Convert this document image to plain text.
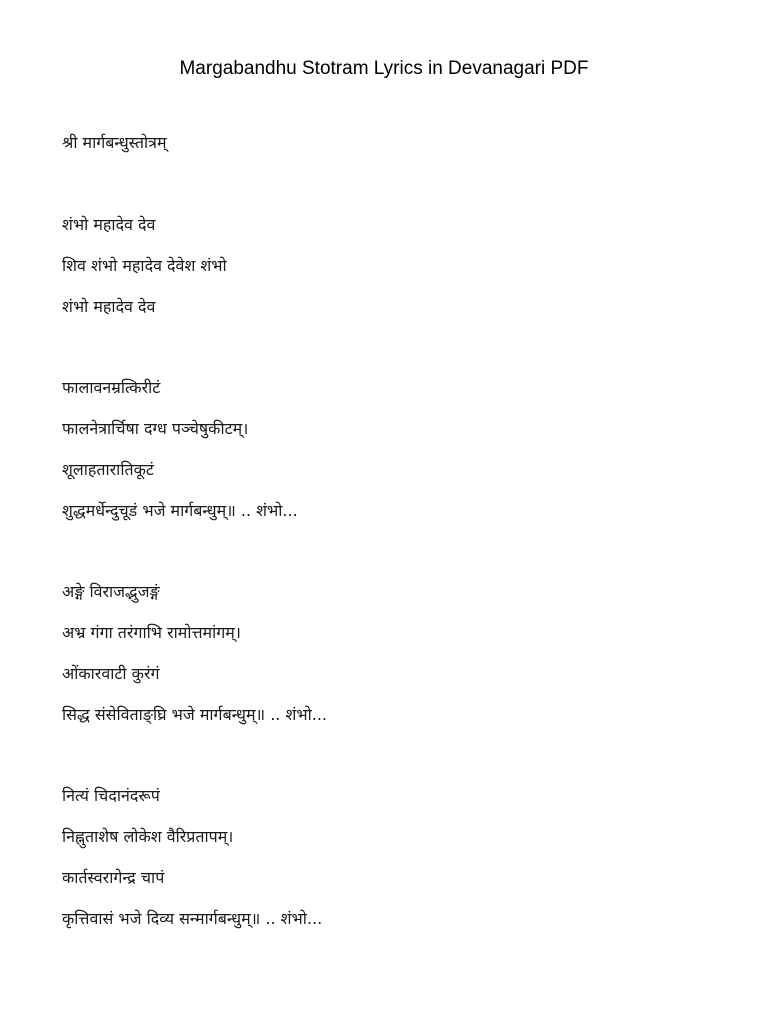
Margabandhu Stotram Lyrics in Devanagari PDF
श्री मार्गबन्धुस्तोत्रम्
शंभो महादेव देव
शिव शंभो महादेव देवेश शंभो
शंभो महादेव देव
फालावनम्रत्किरीटं
फालनेत्रार्चिषा दग्ध पञ्चेषुकीटम्।
शूलाहतारातिकूटं
शुद्धमर्धेन्दुचूडं भजे मार्गबन्धुम्॥ .. शंभो...
अङ्गे विराजद्भुजङ्गं
अभ्र गंगा तरंगाभि रामोत्तमांगम्।
ओंकारवाटी कुरंगं
सिद्ध संसेविताङ्घ्रि भजे मार्गबन्धुम्॥ .. शंभो...
नित्यं चिदानंदरूपं
निह्नुताशेष लोकेश वैरिप्रतापम्।
कार्तस्वरागेन्द्र चापं
कृत्तिवासं भजे दिव्य सन्मार्गबन्धुम्॥ .. शंभो...
